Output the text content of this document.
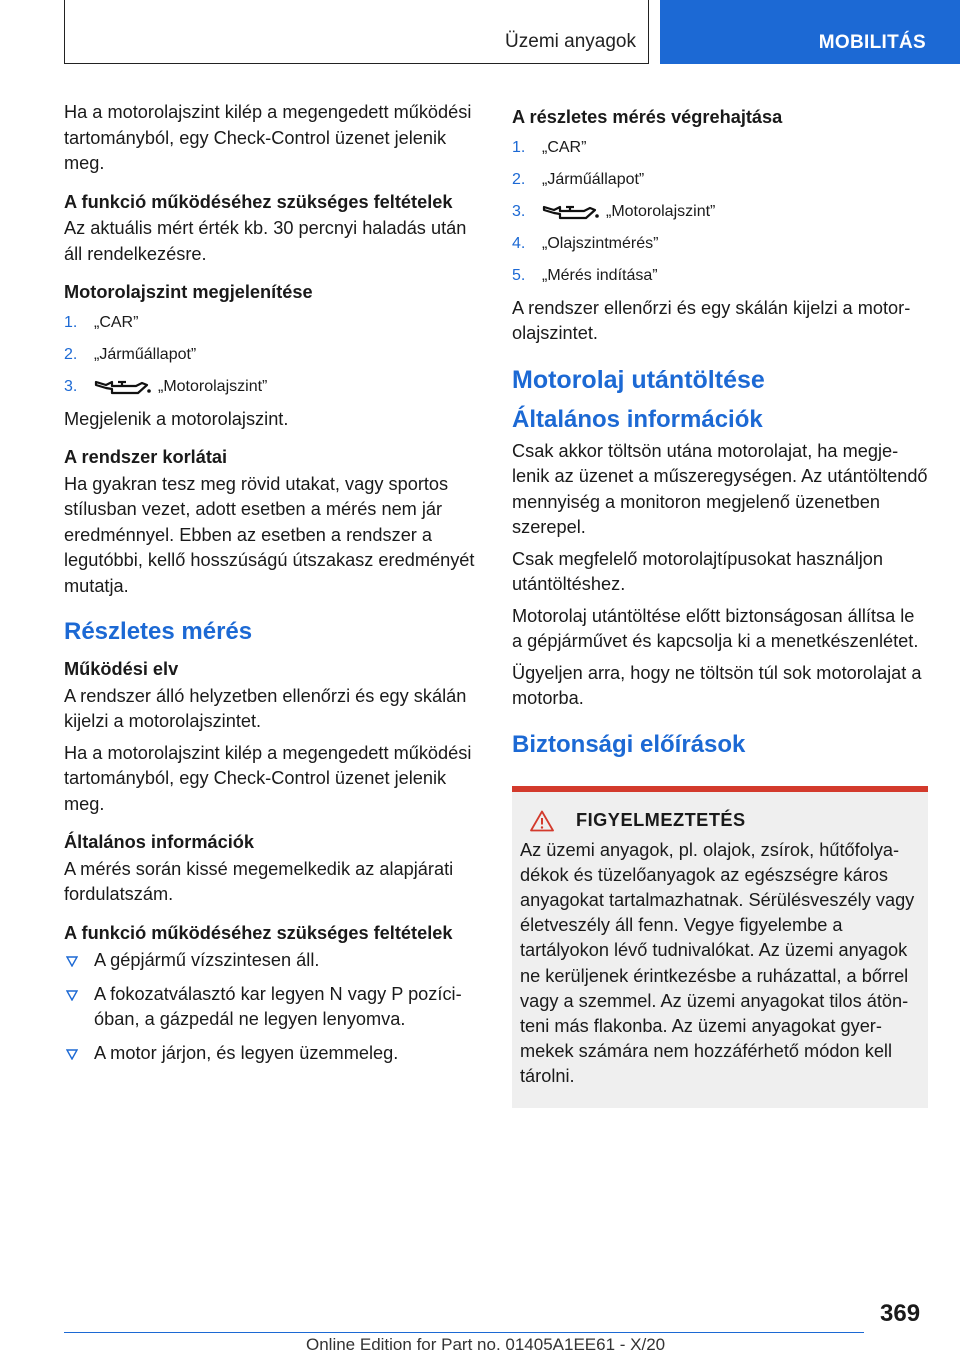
Üzemi anyagok	MOBILITÁS

Ha a motorolajszint kilép a megengedett működési tartományból, egy Check-Control üzenet jelenik meg.

A funkció működéséhez szükséges feltételek

Az aktuális mért érték kb. 30 percnyi haladás után áll rendelkezésre.

Motorolajszint megjelenítése
1. „CAR”
2. „Járműállapot”
3.	„Motorolajszint”

Megjelenik a motorolajszint.

A rendszer korlátai

Ha gyakran tesz meg rövid utakat, vagy sportos stílusban vezet, adott esetben a mérés nem jár eredménnyel. Ebben az esetben a rendszer a legutóbbi, kellő hosszúságú útszakasz eredményét mutatja.

Részletes mérés
Működési elv

A rendszer álló helyzetben ellenőrzi és egy skálán kijelzi a motorolajszintet.

Ha a motorolajszint kilép a megengedett működési tartományból, egy Check-Control üzenet jelenik meg.

Általános információk

A mérés során kissé megemelkedik az alapjárati fordulatszám.

A funkció működéséhez szükséges feltételek
A gépjármű vízszintesen áll.
A fokozatválasztó kar legyen N vagy P pozícióban, a gázpedál ne legyen lenyomva.
A motor járjon, és legyen üzemmeleg.
A részletes mérés végrehajtása
1. „CAR”
2. „Járműállapot”
3.	„Motorolajszint”
4. „Olajszintmérés”
5. „Mérés indítása”

A rendszer ellenőrzi és egy skálán kijelzi a motorolajszintet.

Motorolaj utántöltése
Általános információk

Csak akkor töltsön utána motorolajat, ha megjelenik az üzenet a műszeregységen. Az utántöltendő mennyiség a monitoron megjelenő üzenetben szerepel.

Csak megfelelő motorolajtípusokat használjon utántöltéshez.

Motorolaj utántöltése előtt biztonságosan állítsa le a gépjárművet és kapcsolja ki a menetkészenlétet.

Ügyeljen arra, hogy ne töltsön túl sok motorolajat a motorba.

Biztonsági előírások
FIGYELMEZTETÉS

Az üzemi anyagok, pl. olajok, zsírok, hűtőfolyadékok és tüzelőanyagok az egészségre káros anyagokat tartalmazhatnak. Sérülésveszély vagy életveszély áll fenn. Vegye figyelembe a tartályokon lévő tudnivalókat. Az üzemi anyagok ne kerüljenek érintkezésbe a ruházattal, a bőrrel vagy a szemmel. Az üzemi anyagokat tilos átönteni más flakonba. Az üzemi anyagokat gyermekek számára nem hozzáférhető módon kell tárolni.

369
Online Edition for Part no. 01405A1EE61 - X/20
